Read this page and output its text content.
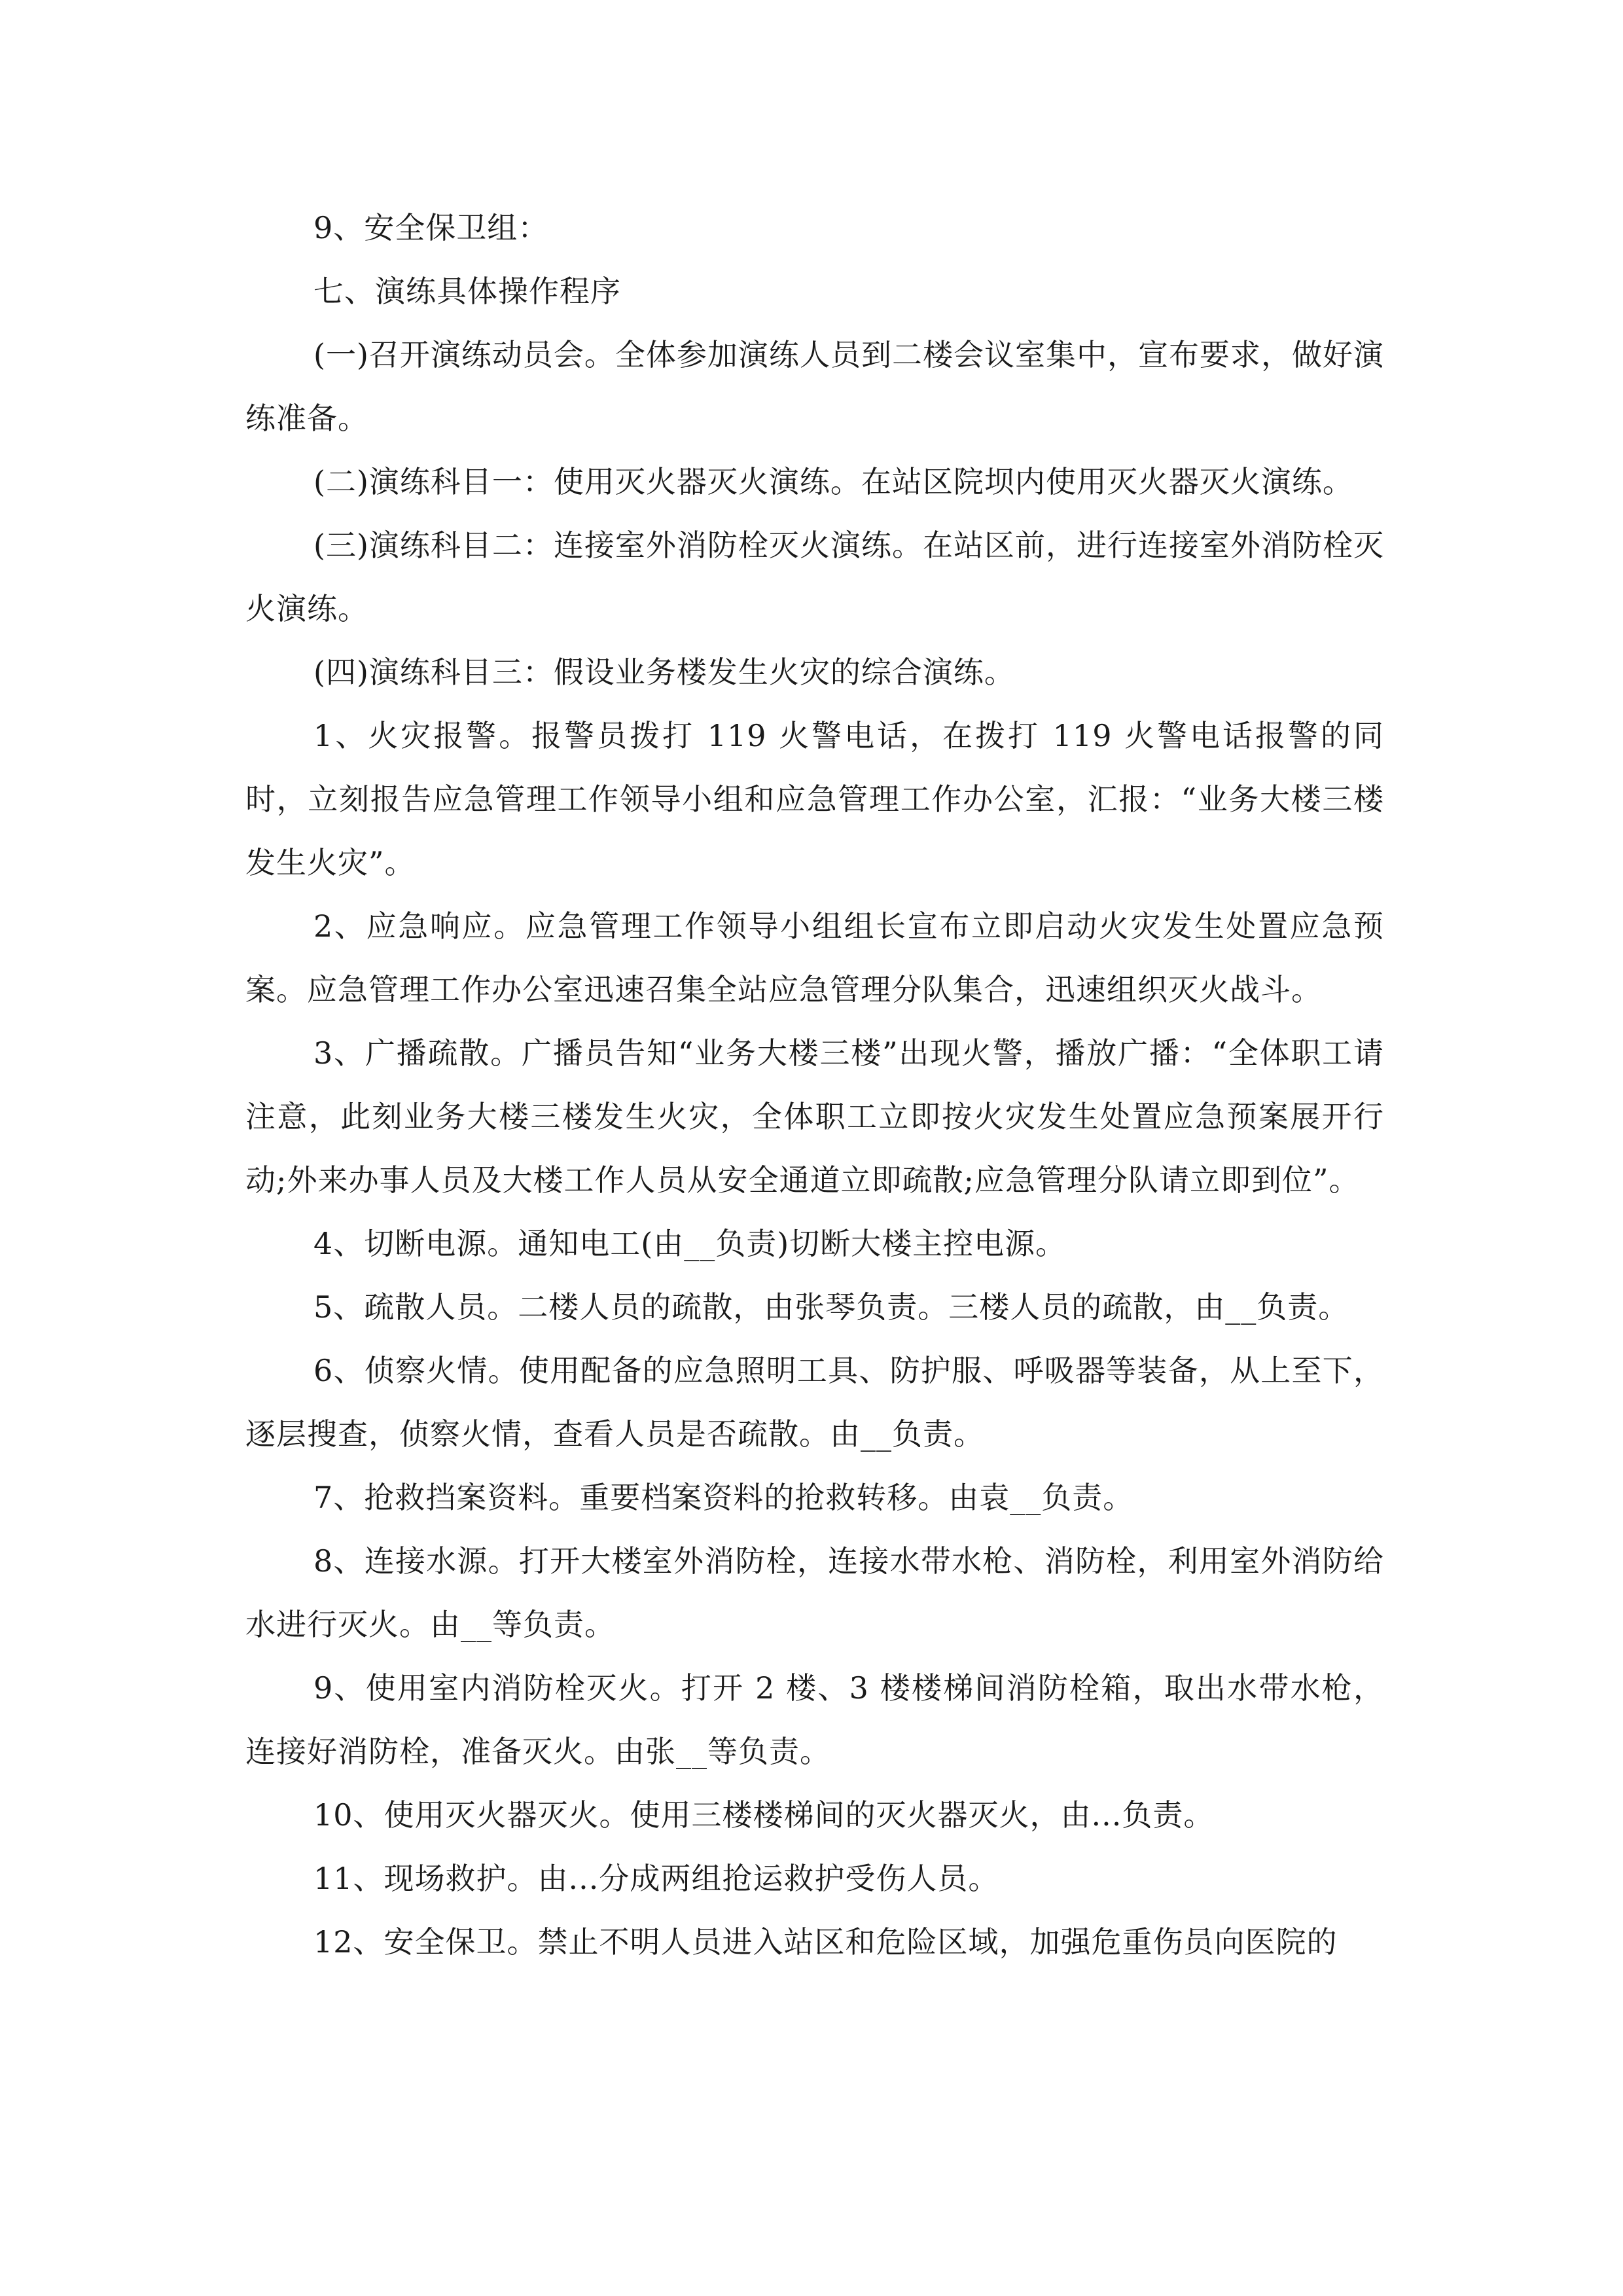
9、安全保卫组：

七、演练具体操作程序

(一)召开演练动员会。全体参加演练人员到二楼会议室集中，宣布要求，做好演练准备。

(二)演练科目一：使用灭火器灭火演练。在站区院坝内使用灭火器灭火演练。

(三)演练科目二：连接室外消防栓灭火演练。在站区前，进行连接室外消防栓灭火演练。

(四)演练科目三：假设业务楼发生火灾的综合演练。

1、火灾报警。报警员拨打 119 火警电话，在拨打 119 火警电话报警的同时，立刻报告应急管理工作领导小组和应急管理工作办公室，汇报：“业务大楼三楼发生火灾”。

2、应急响应。应急管理工作领导小组组长宣布立即启动火灾发生处置应急预案。应急管理工作办公室迅速召集全站应急管理分队集合，迅速组织灭火战斗。

3、广播疏散。广播员告知“业务大楼三楼”出现火警，播放广播：“全体职工请注意，此刻业务大楼三楼发生火灾，全体职工立即按火灾发生处置应急预案展开行动;外来办事人员及大楼工作人员从安全通道立即疏散;应急管理分队请立即到位”。

4、切断电源。通知电工(由__负责)切断大楼主控电源。

5、疏散人员。二楼人员的疏散，由张琴负责。三楼人员的疏散，由__负责。

6、侦察火情。使用配备的应急照明工具、防护服、呼吸器等装备，从上至下，逐层搜查，侦察火情，查看人员是否疏散。由__负责。

7、抢救挡案资料。重要档案资料的抢救转移。由袁__负责。

8、连接水源。打开大楼室外消防栓，连接水带水枪、消防栓，利用室外消防给水进行灭火。由__等负责。

9、使用室内消防栓灭火。打开 2 楼、3 楼楼梯间消防栓箱，取出水带水枪，连接好消防栓，准备灭火。由张__等负责。

10、使用灭火器灭火。使用三楼楼梯间的灭火器灭火，由...负责。

11、现场救护。由...分成两组抢运救护受伤人员。

12、安全保卫。禁止不明人员进入站区和危险区域，加强危重伤员向医院的
